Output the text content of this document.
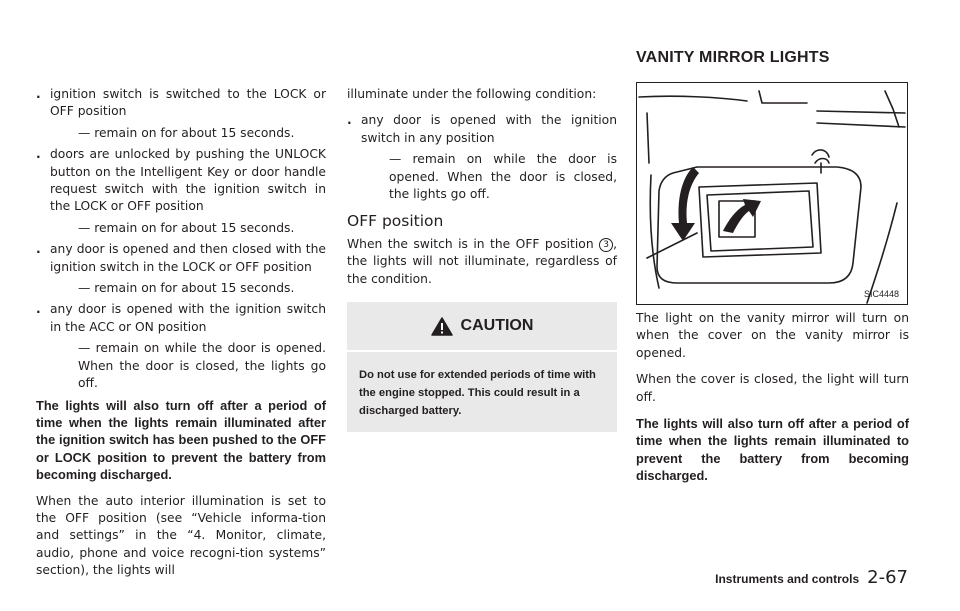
. ignition switch is switched to the LOCK or OFF position
— remain on for about 15 seconds.
. doors are unlocked by pushing the UNLOCK button on the Intelligent Key or door handle request switch with the ignition switch in the LOCK or OFF position
— remain on for about 15 seconds.
. any door is opened and then closed with the ignition switch in the LOCK or OFF position
— remain on for about 15 seconds.
. any door is opened with the ignition switch in the ACC or ON position
— remain on while the door is opened. When the door is closed, the lights go off.

The lights will also turn off after a period of time when the lights remain illuminated after the ignition switch has been pushed to the OFF or LOCK position to prevent the battery from becoming discharged.

When the auto interior illumination is set to the OFF position (see “Vehicle informa-tion and settings” in the “4. Monitor, climate, audio, phone and voice recogni-tion systems” section), the lights will

illuminate under the following condition:

. any door is opened with the ignition switch in any position
— remain on while the door is opened. When the door is closed, the lights go off.
OFF position

When the switch is in the OFF position 3 , the lights will not illuminate, regardless of the condition.

CAUTION
Do not use for extended periods of time with the engine stopped. This could result in a discharged battery.
VANITY MIRROR LIGHTS
SIC4448

The light on the vanity mirror will turn on when the cover on the vanity mirror is opened.

When the cover is closed, the light will turn off.

The lights will also turn off after a period of time when the lights remain illuminated to prevent the battery from becoming discharged.

Instruments and controls 2-67
